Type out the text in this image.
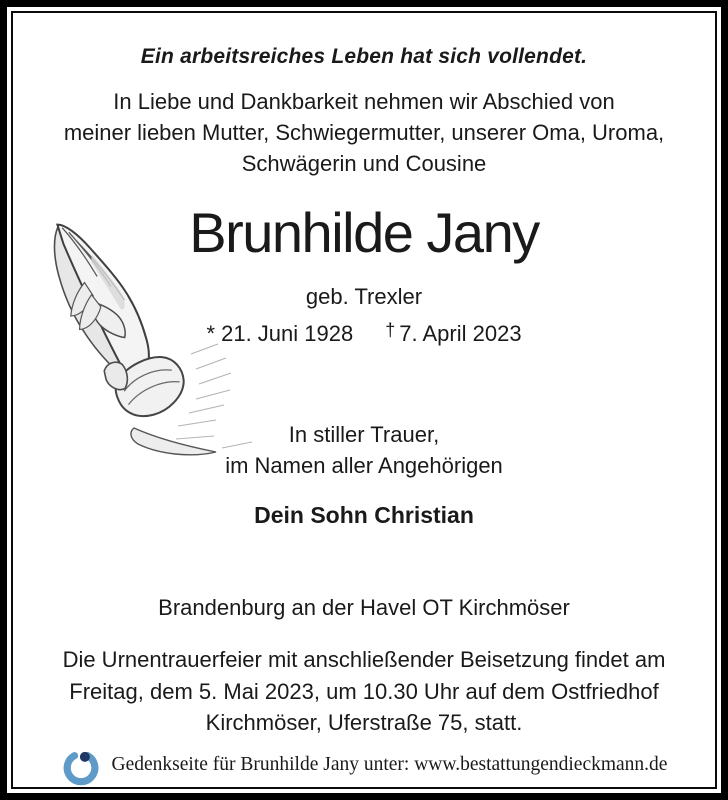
Ein arbeitsreiches Leben hat sich vollendet.
In Liebe und Dankbarkeit nehmen wir Abschied von
meiner lieben Mutter, Schwiegermutter, unserer Oma, Uroma,
Schwägerin und Cousine
Brunhilde Jany
geb. Trexler
* 21. Juni 1928 † 7. April 2023
In stiller Trauer,
im Namen aller Angehörigen
Dein Sohn Christian
Brandenburg an der Havel OT Kirchmöser
Die Urnentrauerfeier mit anschließender Beisetzung findet am
Freitag, dem 5. Mai 2023, um 10.30 Uhr auf dem Ostfriedhof
Kirchmöser, Uferstraße 75, statt.
Gedenkseite für Brunhilde Jany unter: www.bestattungendieckmann.de
